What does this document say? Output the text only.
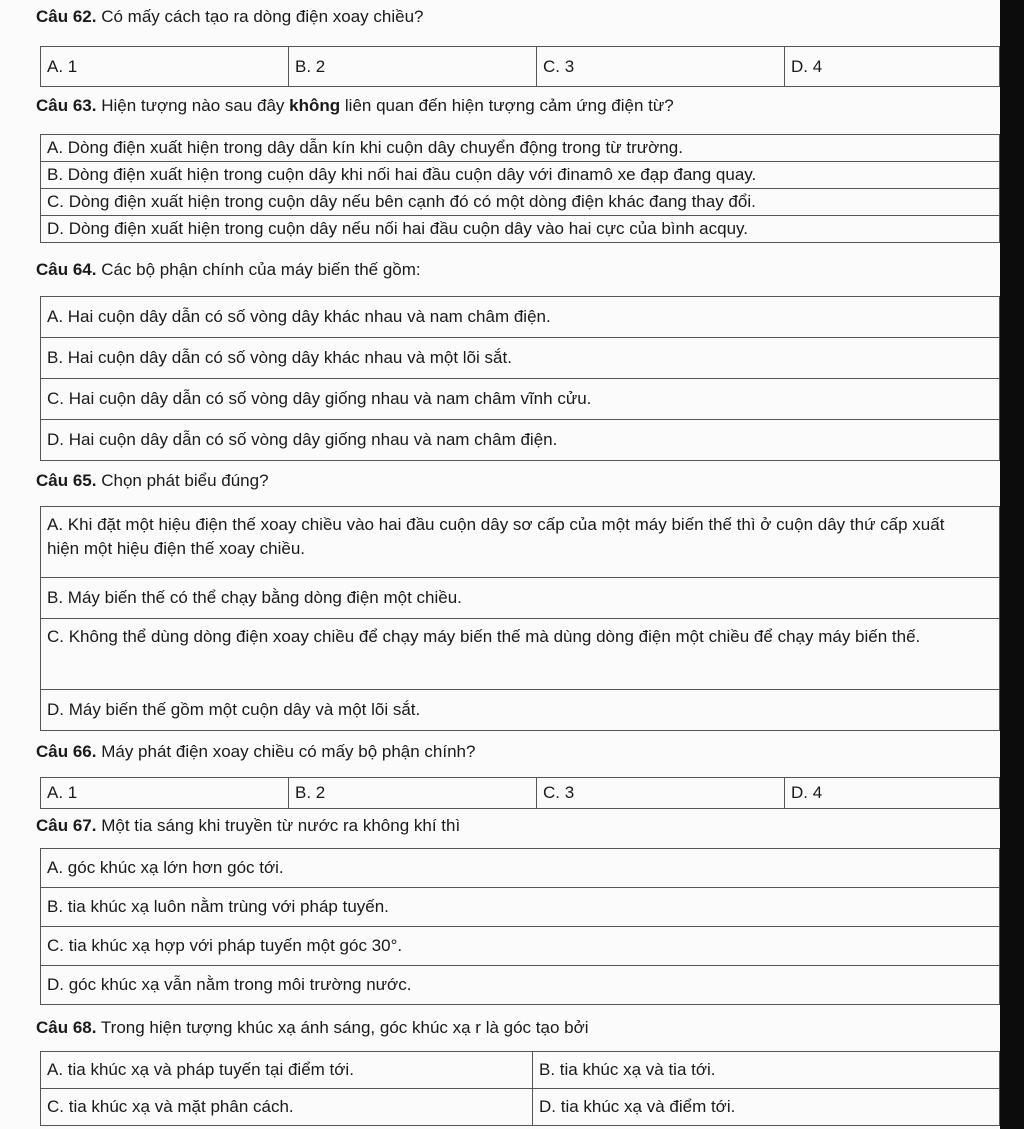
Câu 62. Có mấy cách tạo ra dòng điện xoay chiều?
A. 1	B. 2	C. 3	D. 4
Câu 63. Hiện tượng nào sau đây không liên quan đến hiện tượng cảm ứng điện từ?
A. Dòng điện xuất hiện trong dây dẫn kín khi cuộn dây chuyển động trong từ trường.
B. Dòng điện xuất hiện trong cuộn dây khi nối hai đầu cuộn dây với đinamô xe đạp đang quay.
C. Dòng điện xuất hiện trong cuộn dây nếu bên cạnh đó có một dòng điện khác đang thay đổi.
D. Dòng điện xuất hiện trong cuộn dây nếu nối hai đầu cuộn dây vào hai cực của bình acquy.
Câu 64. Các bộ phận chính của máy biến thế gồm:
A. Hai cuộn dây dẫn có số vòng dây khác nhau và nam châm điện.
B. Hai cuộn dây dẫn có số vòng dây khác nhau và một lõi sắt.
C. Hai cuộn dây dẫn có số vòng dây giống nhau và nam châm vĩnh cửu.
D. Hai cuộn dây dẫn có số vòng dây giống nhau và nam châm điện.
Câu 65. Chọn phát biểu đúng?
A. Khi đặt một hiệu điện thế xoay chiều vào hai đầu cuộn dây sơ cấp của một máy biến thế thì ở cuộn dây thứ cấp xuất hiện một hiệu điện thế xoay chiều.
B. Máy biến thế có thể chạy bằng dòng điện một chiều.
C. Không thể dùng dòng điện xoay chiều để chạy máy biến thế mà dùng dòng điện một chiều để chạy máy biến thế.
D. Máy biến thế gồm một cuộn dây và một lõi sắt.
Câu 66. Máy phát điện xoay chiều có mấy bộ phận chính?
A. 1	B. 2	C. 3	D. 4
Câu 67. Một tia sáng khi truyền từ nước ra không khí thì
A. góc khúc xạ lớn hơn góc tới.
B. tia khúc xạ luôn nằm trùng với pháp tuyến.
C. tia khúc xạ hợp với pháp tuyến một góc 30°.
D. góc khúc xạ vẫn nằm trong môi trường nước.
Câu 68. Trong hiện tượng khúc xạ ánh sáng, góc khúc xạ r là góc tạo bởi
A. tia khúc xạ và pháp tuyến tại điểm tới.	B. tia khúc xạ và tia tới.
C. tia khúc xạ và mặt phân cách.	D. tia khúc xạ và điểm tới.
